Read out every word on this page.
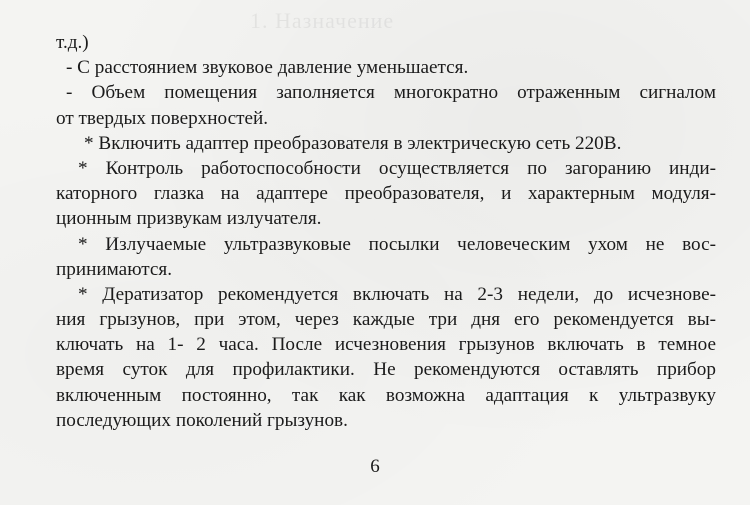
1. Назначение
т.д.)
- С расстоянием звуковое давление уменьшается.
- Объем помещения заполняется многократно отраженным сигналом
от твердых поверхностей.
* Включить адаптер преобразователя в электрическую сеть 220В.
* Контроль работоспособности осуществляется по загоранию инди-
каторного глазка на адаптере преобразователя, и характерным модуля-
ционным призвукам излучателя.
* Излучаемые ультразвуковые посылки человеческим ухом не вос-
принимаются.
* Дератизатор рекомендуется включать на 2-3 недели, до исчезнове-
ния грызунов, при этом, через каждые три дня его рекомендуется вы-
ключать на 1- 2 часа. После исчезновения грызунов включать в темное
время суток для профилактики. Не рекомендуются оставлять прибор
включенным постоянно, так как возможна адаптация к ультразвуку
последующих поколений грызунов.
6
